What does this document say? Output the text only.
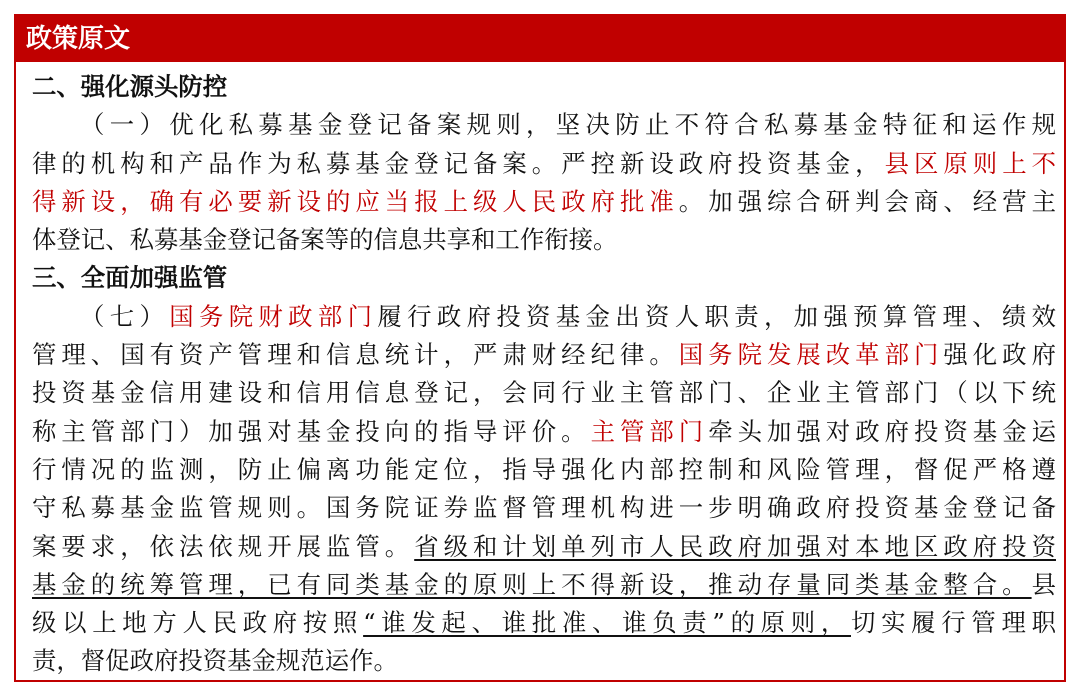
政策原文
二、强化源头防控
（一）优化私募基金登记备案规则，坚决防止不符合私募基金特征和运作规
律的机构和产品作为私募基金登记备案。严控新设政府投资基金，县区原则上不
得新设，确有必要新设的应当报上级人民政府批准。加强综合研判会商、经营主
体登记、私募基金登记备案等的信息共享和工作衔接。
三、全面加强监管
（七）国务院财政部门履行政府投资基金出资人职责，加强预算管理、绩效
管理、国有资产管理和信息统计，严肃财经纪律。国务院发展改革部门强化政府
投资基金信用建设和信用信息登记，会同行业主管部门、企业主管部门（以下统
称主管部门）加强对基金投向的指导评价。主管部门牵头加强对政府投资基金运
行情况的监测，防止偏离功能定位，指导强化内部控制和风险管理，督促严格遵
守私募基金监管规则。国务院证券监督管理机构进一步明确政府投资基金登记备
案要求，依法依规开展监管。省级和计划单列市人民政府加强对本地区政府投资
基金的统筹管理，已有同类基金的原则上不得新设，推动存量同类基金整合。县
级以上地方人民政府按照“谁发起、谁批准、谁负责”的原则，切实履行管理职
责，督促政府投资基金规范运作。
